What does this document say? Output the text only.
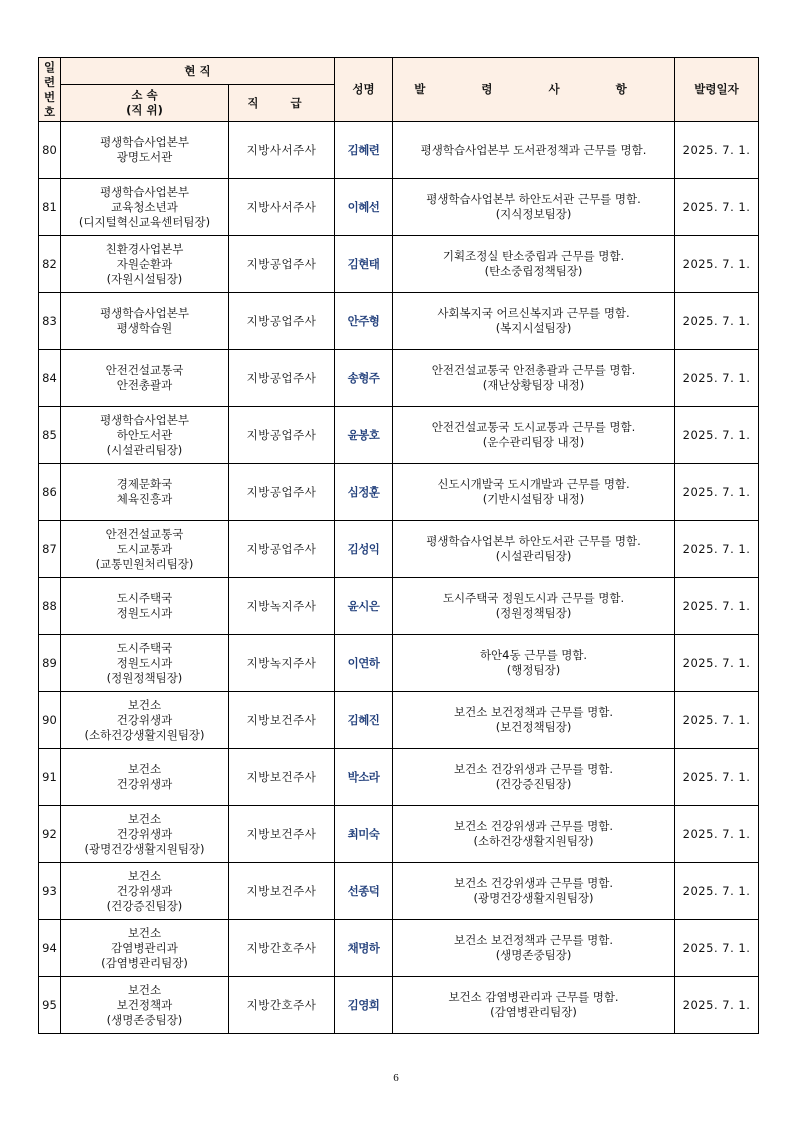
일
련
번
호	현 직		성명	발 령 사 항	발령일자

	소 속
(직 위)	직 급			
80	평생학습사업본부
광명도서관	지방사서주사	김혜련	평생학습사업본부 도서관정책과 근무를 명함.	2025. 7. 1.
81	평생학습사업본부
교육청소년과
(디지털혁신교육센터팀장)	지방사서주사	이혜선	평생학습사업본부 하안도서관 근무를 명함.
(지식정보팀장)	2025. 7. 1.
82	친환경사업본부
자원순환과
(자원시설팀장)	지방공업주사	김현태	기획조정실 탄소중립과 근무를 명함.
(탄소중립정책팀장)	2025. 7. 1.
83	평생학습사업본부
평생학습원	지방공업주사	안주형	사회복지국 어르신복지과 근무를 명함.
(복지시설팀장)	2025. 7. 1.
84	안전건설교통국
안전총괄과	지방공업주사	송형주	안전건설교통국 안전총괄과 근무를 명함.
(재난상황팀장 내정)	2025. 7. 1.
85	평생학습사업본부
하안도서관
(시설관리팀장)	지방공업주사	윤봉호	안전건설교통국 도시교통과 근무를 명함.
(운수관리팀장 내정)	2025. 7. 1.
86	경제문화국
체육진흥과	지방공업주사	심정훈	신도시개발국 도시개발과 근무를 명함.
(기반시설팀장 내정)	2025. 7. 1.
87	안전건설교통국
도시교통과
(교통민원처리팀장)	지방공업주사	김성익	평생학습사업본부 하안도서관 근무를 명함.
(시설관리팀장)	2025. 7. 1.
88	도시주택국
정원도시과	지방녹지주사	윤시은	도시주택국 정원도시과 근무를 명함.
(정원정책팀장)	2025. 7. 1.
89	도시주택국
정원도시과
(정원정책팀장)	지방녹지주사	이연하	하안4동 근무를 명함.
(행정팀장)	2025. 7. 1.
90	보건소
건강위생과
(소하건강생활지원팀장)	지방보건주사	김혜진	보건소 보건정책과 근무를 명함.
(보건정책팀장)	2025. 7. 1.
91	보건소
건강위생과	지방보건주사	박소라	보건소 건강위생과 근무를 명함.
(건강증진팀장)	2025. 7. 1.
92	보건소
건강위생과
(광명건강생활지원팀장)	지방보건주사	최미숙	보건소 건강위생과 근무를 명함.
(소하건강생활지원팀장)	2025. 7. 1.
93	보건소
건강위생과
(건강증진팀장)	지방보건주사	선종덕	보건소 건강위생과 근무를 명함.
(광명건강생활지원팀장)	2025. 7. 1.
94	보건소
감염병관리과
(감염병관리팀장)	지방간호주사	채명하	보건소 보건정책과 근무를 명함.
(생명존중팀장)	2025. 7. 1.
95	보건소
보건정책과
(생명존중팀장)	지방간호주사	김영희	보건소 감염병관리과 근무를 명함.
(감염병관리팀장)	2025. 7. 1.
6
